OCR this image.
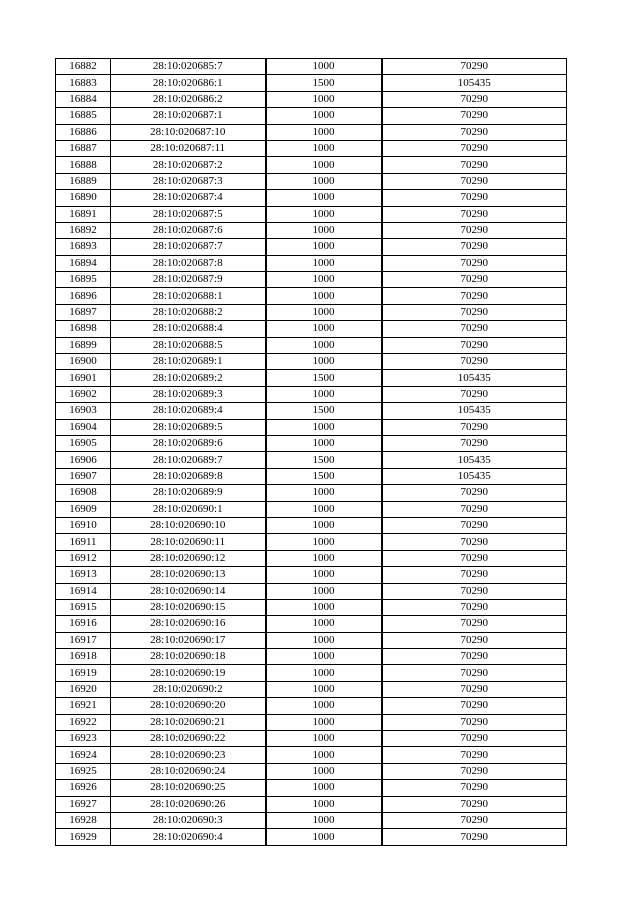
16882	28:10:020685:7	1000	70290
16883	28:10:020686:1	1500	105435
16884	28:10:020686:2	1000	70290
16885	28:10:020687:1	1000	70290
16886	28:10:020687:10	1000	70290
16887	28:10:020687:11	1000	70290
16888	28:10:020687:2	1000	70290
16889	28:10:020687:3	1000	70290
16890	28:10:020687:4	1000	70290
16891	28:10:020687:5	1000	70290
16892	28:10:020687:6	1000	70290
16893	28:10:020687:7	1000	70290
16894	28:10:020687:8	1000	70290
16895	28:10:020687:9	1000	70290
16896	28:10:020688:1	1000	70290
16897	28:10:020688:2	1000	70290
16898	28:10:020688:4	1000	70290
16899	28:10:020688:5	1000	70290
16900	28:10:020689:1	1000	70290
16901	28:10:020689:2	1500	105435
16902	28:10:020689:3	1000	70290
16903	28:10:020689:4	1500	105435
16904	28:10:020689:5	1000	70290
16905	28:10:020689:6	1000	70290
16906	28:10:020689:7	1500	105435
16907	28:10:020689:8	1500	105435
16908	28:10:020689:9	1000	70290
16909	28:10:020690:1	1000	70290
16910	28:10:020690:10	1000	70290
16911	28:10:020690:11	1000	70290
16912	28:10:020690:12	1000	70290
16913	28:10:020690:13	1000	70290
16914	28:10:020690:14	1000	70290
16915	28:10:020690:15	1000	70290
16916	28:10:020690:16	1000	70290
16917	28:10:020690:17	1000	70290
16918	28:10:020690:18	1000	70290
16919	28:10:020690:19	1000	70290
16920	28:10:020690:2	1000	70290
16921	28:10:020690:20	1000	70290
16922	28:10:020690:21	1000	70290
16923	28:10:020690:22	1000	70290
16924	28:10:020690:23	1000	70290
16925	28:10:020690:24	1000	70290
16926	28:10:020690:25	1000	70290
16927	28:10:020690:26	1000	70290
16928	28:10:020690:3	1000	70290
16929	28:10:020690:4	1000	70290
